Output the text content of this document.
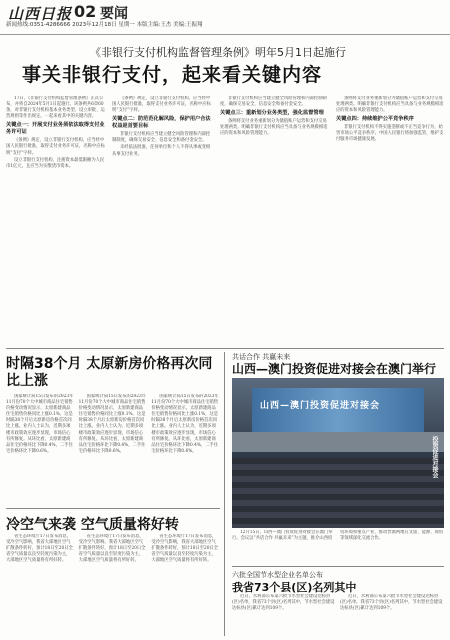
山西日报 02 要闻
新闻热线:0351-4286666 2023年12月18日 星期一 本版主编:王杰 美编:王振翔
《非银行支付机构监督管理条例》明年5月1日起施行
事关非银行支付，起来看关键内容

17日，《非银行支付机构监督管理条例》正式公布，并将自2024年5月1日起施行。该条例共6章60条，对非银行支付机构基本业务类型、设立审批、运营规则等作出规定。一起来看其中的关键内容。

关键点一：开展支付业务须依法取得支付业务许可证

《条例》规定，设立非银行支付机构，应当经中国人民银行批准，取得支付业务许可证，名称中应标明“支付”字样。

设立非银行支付机构，注册资本最低限额为人民币1亿元，且应当为实缴货币资本。

《条例》规定，设立非银行支付机构，应当经中国人民银行批准，取得支付业务许可证，名称中应标明“支付”字样。

关键点二：防范范化解风险，保护用户合法权益是首要目标

非银行支付机构应当建立健全风险管理和内部控制制度，确保交易安全、信息安全和备付金安全。

未经依法批准，任何单位和个人不得从事或变相从事支付业务。

非银行支付机构应当建立健全风险管理和内部控制制度，确保交易安全、信息安全和备付金安全。

关键点三：重新划分业务类型，强化监督管理

条例将支付业务重新划分为储值账户运营和支付交易处理两类。明确非银行支付机构应当具备与业务规模相适应的资本和风险管理能力。

条例将支付业务重新划分为储值账户运营和支付交易处理两类。明确非银行支付机构应当具备与业务规模相适应的资本和风险管理能力。

关键点四：持续维护公平竞争秩序

非银行支付机构不得实施垄断或不正当竞争行为，妨害市场公平竞争秩序。中国人民银行将加强监管，维护支付服务市场健康发展。

时隔38个月 太原新房价格再次同比上涨

国家统计局15日发布的2023年11月份70个大中城市商品住宅销售价格变动情况显示，太原新建商品住宅销售价格同比上涨0.1%，这是时隔38个月后太原新房价格首次同比上涨。业内人士认为，近期多项楼市政策效应逐步显现，市场信心有所修复。从环比看，太原新建商品住宅价格环比下降0.4%，二手住宅价格环比下降0.6%。

国家统计局15日发布的2023年11月份70个大中城市商品住宅销售价格变动情况显示，太原新建商品住宅销售价格同比上涨0.1%，这是时隔38个月后太原新房价格首次同比上涨。业内人士认为，近期多项楼市政策效应逐步显现，市场信心有所修复。从环比看，太原新建商品住宅价格环比下降0.4%，二手住宅价格环比下降0.6%。

国家统计局15日发布的2023年11月份70个大中城市商品住宅销售价格变动情况显示，太原新建商品住宅销售价格同比上涨0.1%，这是时隔38个月后太原新房价格首次同比上涨。业内人士认为，近期多项楼市政策效应逐步显现，市场信心有所修复。从环比看，太原新建商品住宅价格环比下降0.4%，二手住宅价格环比下降0.6%。

冷空气来袭 空气质量将好转

省生态环境厅17日发布消息，受冷空气影响，我省大部地区空气扩散条件转好，预计18日至20日全省空气质量以良至轻度污染为主，大部地区空气质量将有所好转。

省生态环境厅17日发布消息，受冷空气影响，我省大部地区空气扩散条件转好，预计18日至20日全省空气质量以良至轻度污染为主，大部地区空气质量将有所好转。

省生态环境厅17日发布消息，受冷空气影响，我省大部地区空气扩散条件转好，预计18日至20日全省空气质量以良至轻度污染为主，大部地区空气质量将有所好转。

共话合作 共赢未来
山西—澳门投资促进对接会在澳门举行
山西—澳门投资促进对接会
投资促进对接会

12月15日，山西—澳门投资促进对接会在澳门举行。会议以“共话合作 共赢未来”为主题，推介山西投资环境和重点产业，推动晋澳两地在文旅、能源、商贸等领域深化交流合作。

六批全国节水型企业名单公布
我省73个县(区)名列其中

近日，水利部公布第六批节水型社会建设达标县(区)名单，我省73个县(区)名列其中，节水型社会建设达标县(区)累计达到109个。

近日，水利部公布第六批节水型社会建设达标县(区)名单，我省73个县(区)名列其中，节水型社会建设达标县(区)累计达到109个。
